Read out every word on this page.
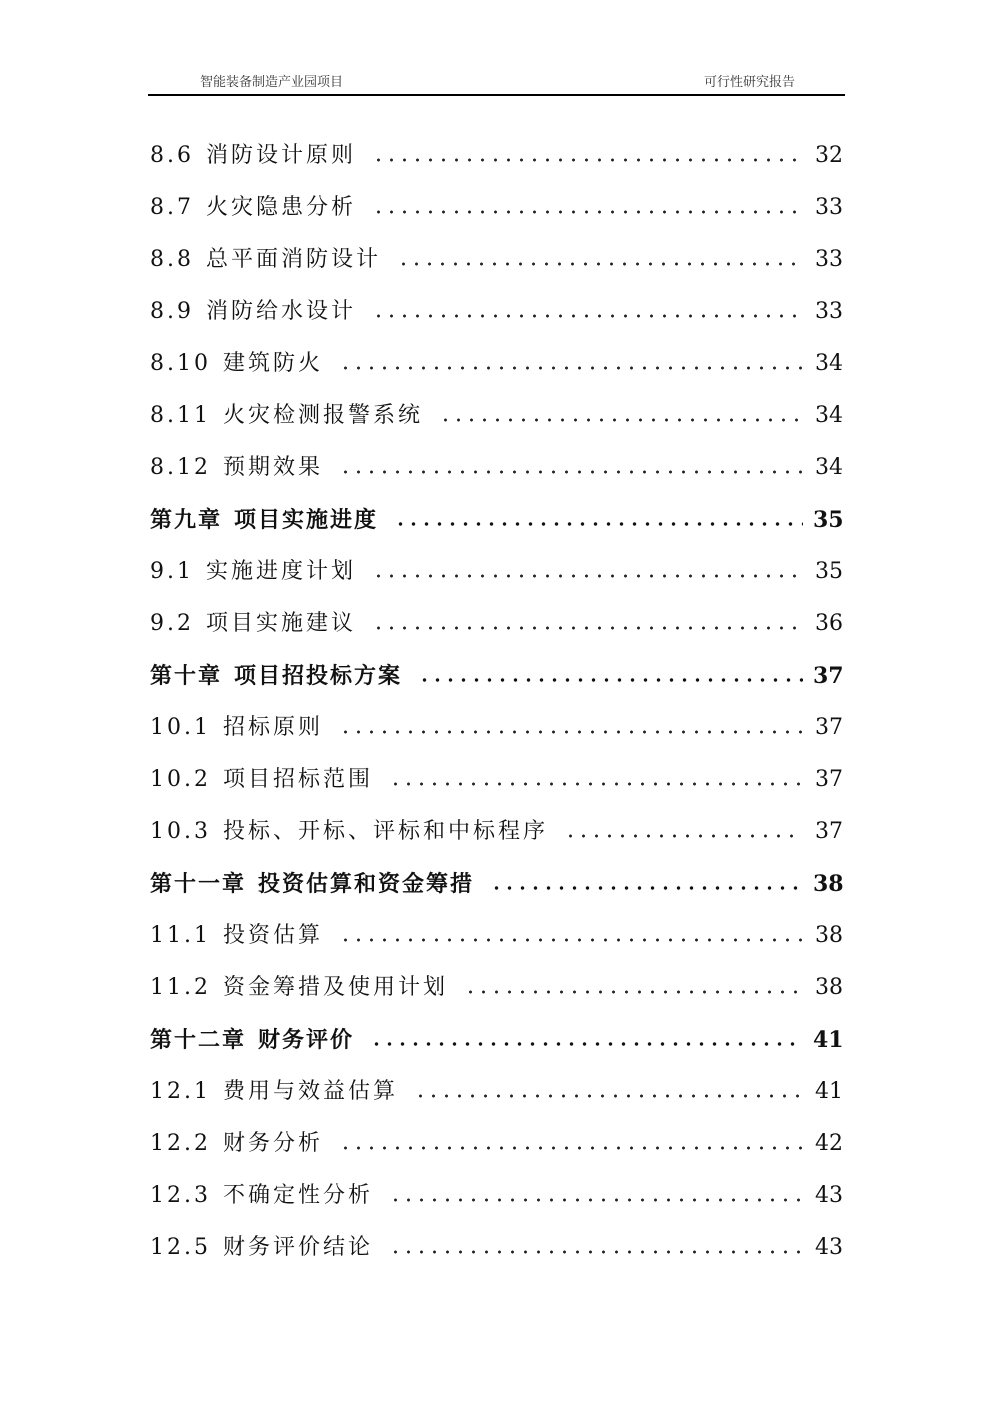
智能装备制造产业园项目	可行性研究报告
8.6 消防设计原则	32
8.7 火灾隐患分析	33
8.8 总平面消防设计	33
8.9 消防给水设计	33
8.10 建筑防火	34
8.11 火灾检测报警系统	34
8.12 预期效果	34
第九章 项目实施进度	35
9.1 实施进度计划	35
9.2 项目实施建议	36
第十章 项目招投标方案	37
10.1 招标原则	37
10.2 项目招标范围	37
10.3 投标、开标、评标和中标程序	37
第十一章 投资估算和资金筹措	38
11.1 投资估算	38
11.2 资金筹措及使用计划	38
第十二章 财务评价	41
12.1 费用与效益估算	41
12.2 财务分析	42
12.3 不确定性分析	43
12.5 财务评价结论	43
